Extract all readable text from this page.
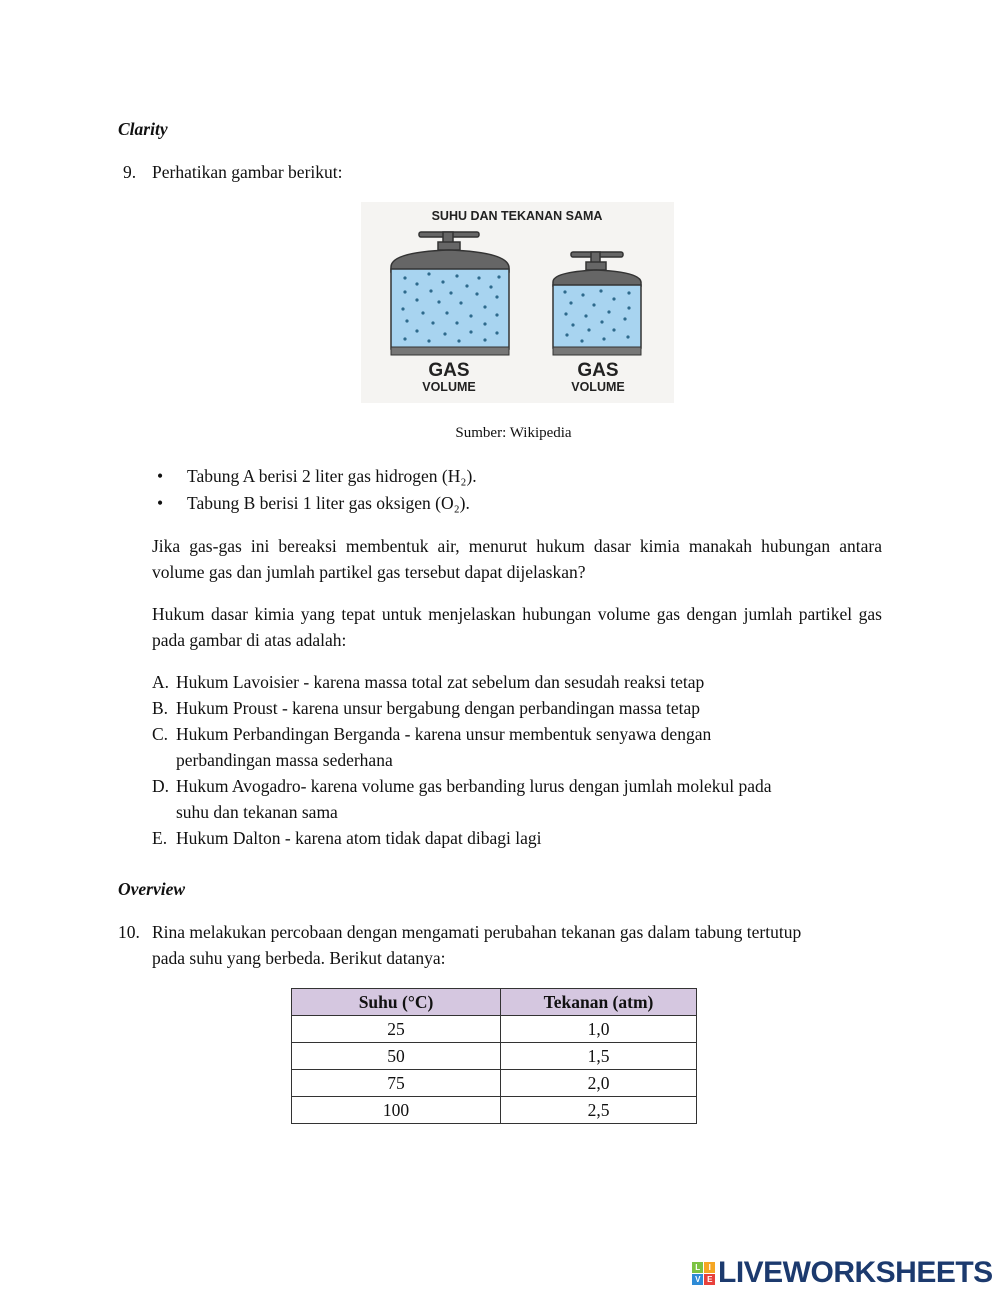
Clarity
9. Perhatikan gambar berikut:
SUHU DAN TEKANAN SAMA
GAS
VOLUME
GAS
VOLUME
Sumber: Wikipedia
• Tabung A berisi 2 liter gas hidrogen (H₂).
• Tabung B berisi 1 liter gas oksigen (O₂).
Jika gas-gas ini bereaksi membentuk air, menurut hukum dasar kimia manakah hubungan antara volume gas dan jumlah partikel gas tersebut dapat dijelaskan?
Hukum dasar kimia yang tepat untuk menjelaskan hubungan volume gas dengan jumlah partikel gas pada gambar di atas adalah:
A. Hukum Lavoisier - karena massa total zat sebelum dan sesudah reaksi tetap
B. Hukum Proust - karena unsur bergabung dengan perbandingan massa tetap
C. Hukum Perbandingan Berganda - karena unsur membentuk senyawa dengan
perbandingan massa sederhana
D. Hukum Avogadro- karena volume gas berbanding lurus dengan jumlah molekul pada
suhu dan tekanan sama
E. Hukum Dalton - karena atom tidak dapat dibagi lagi
Overview
10. Rina melakukan percobaan dengan mengamati perubahan tekanan gas dalam tabung tertutup
pada suhu yang berbeda. Berikut datanya:
Suhu (°C)	Tekanan (atm)
25	1,0
50	1,5
75	2,0
100	2,5
L	I
V E LIVEWORKSHEETS
